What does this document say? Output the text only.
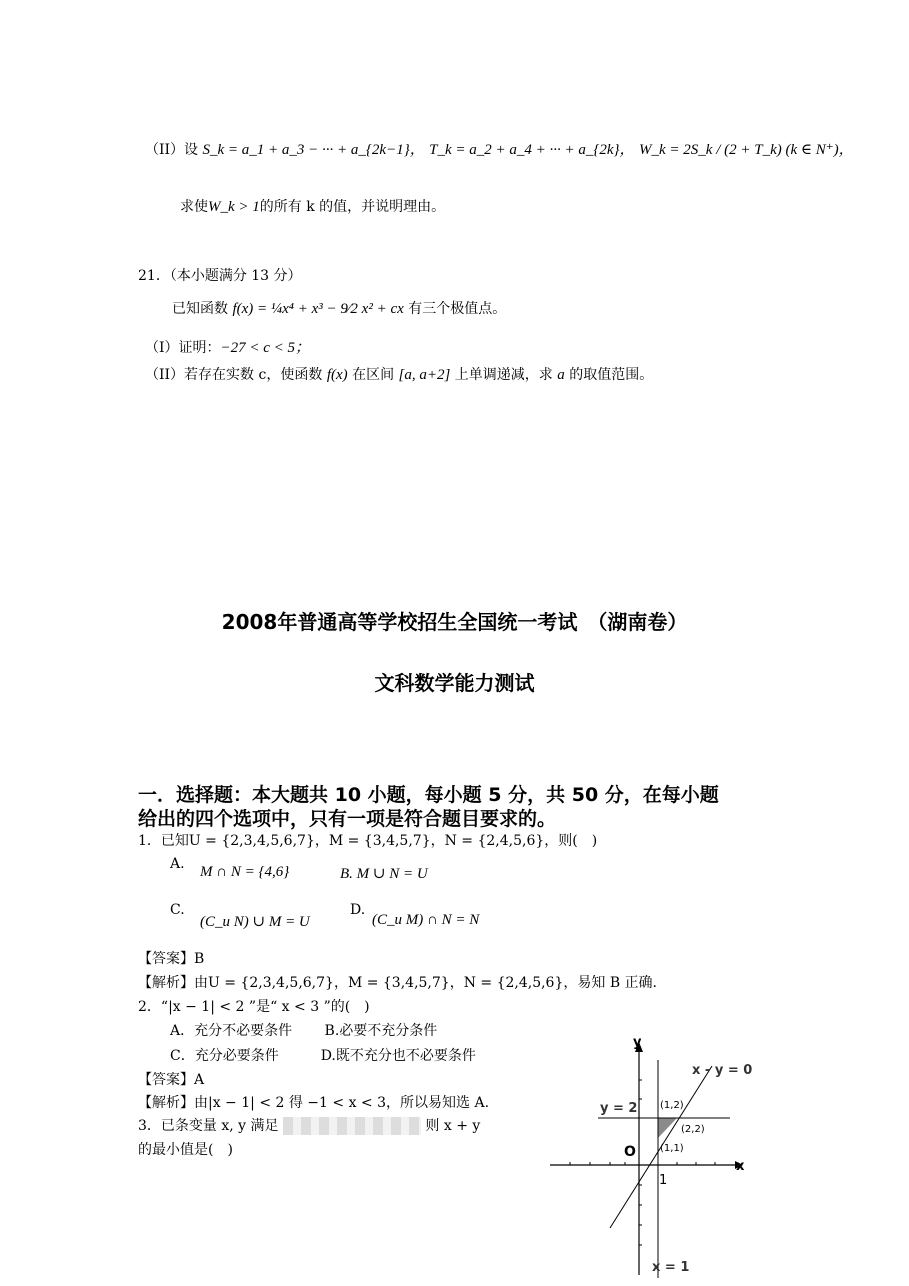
（II）设 S_k = a_1 + a_3 − ··· + a_{2k−1}， T_k = a_2 + a_4 + ··· + a_{2k}， W_k = 2S_k / (2 + T_k) (k ∈ N⁺)，
求使W_k > 1的所有 k 的值，并说明理由。
21．（本小题满分 13 分）
已知函数 f(x) = ¼x⁴ + x³ − 9⁄2 x² + cx 有三个极值点。
（I）证明：−27 < c < 5；
（II）若存在实数 c，使函数 f(x) 在区间 [a, a+2] 上单调递减，求 a 的取值范围。
2008年普通高等学校招生全国统一考试　（湖南卷）
文科数学能力测试
一．选择题：本大题共 10 小题，每小题 5 分，共 50 分，在每小题
给出的四个选项中，只有一项是符合题目要求的。
1．已知U = {2,3,4,5,6,7}，M = {3,4,5,7}，N = {2,4,5,6}，则(　)
A. M ∩ N = {4,6}	B. M ∪ N = U
C.
(C_u N) ∪ M = U
D.
(C_u M) ∩ N = N
【答案】B
【解析】由U = {2,3,4,5,6,7}，M = {3,4,5,7}，N = {2,4,5,6}，易知 B 正确.
2．“|x − 1| < 2 ”是“ x < 3 ”的(　)
A．充分不必要条件　　 B.必要不充分条件
C．充分必要条件　　　D.既不充分也不必要条件
【答案】A
【解析】由|x − 1| < 2 得 −1 < x < 3，所以易知选 A.
3．已条变量 x, y 满足	则 x + y
的最小值是(　)
y
x
O
1
x - y = 0
y = 2
x = 1
(1,2)
(2,2)
(1,1)
